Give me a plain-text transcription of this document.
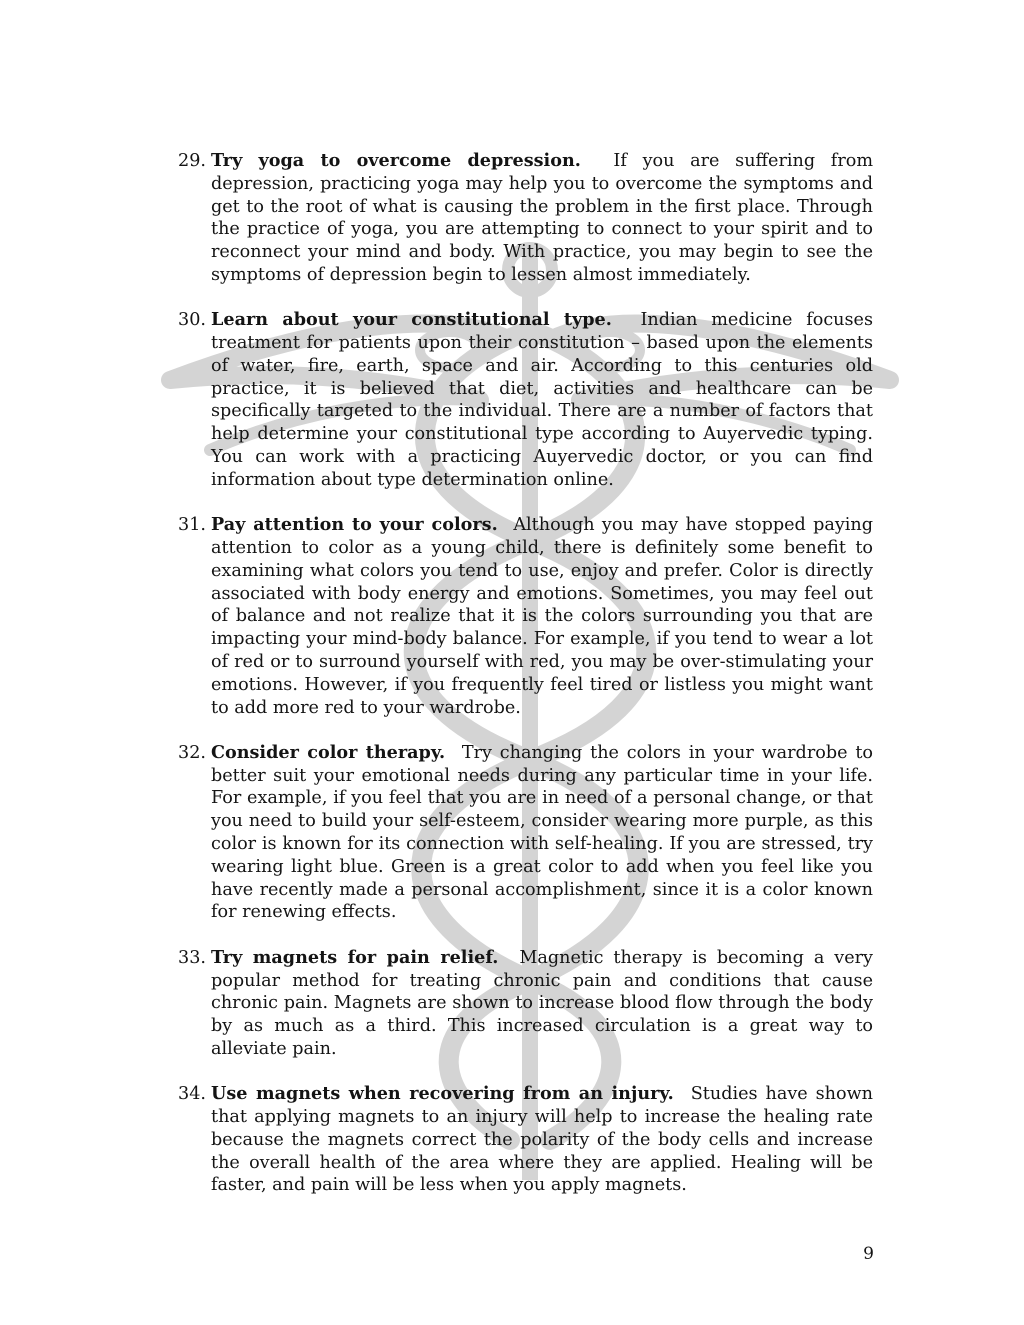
29. Try yoga to overcome depression.  If you are suffering from depression, practicing yoga may help you to overcome the symptoms and get to the root of what is causing the problem in the first place. Through the practice of yoga, you are attempting to connect to your spirit and to reconnect your mind and body. With practice, you may begin to see the symptoms of depression begin to lessen almost immediately.
30. Learn about your constitutional type.  Indian medicine focuses treatment for patients upon their constitution – based upon the elements of water, fire, earth, space and air. According to this centuries old practice, it is believed that diet, activities and healthcare can be specifically targeted to the individual. There are a number of factors that help determine your constitutional type according to Auyervedic typing. You can work with a practicing Auyervedic doctor, or you can find information about type determination online.
31. Pay attention to your colors.  Although you may have stopped paying attention to color as a young child, there is definitely some benefit to examining what colors you tend to use, enjoy and prefer. Color is directly associated with body energy and emotions. Sometimes, you may feel out of balance and not realize that it is the colors surrounding you that are impacting your mind-body balance. For example, if you tend to wear a lot of red or to surround yourself with red, you may be over-stimulating your emotions. However, if you frequently feel tired or listless you might want to add more red to your wardrobe.
32. Consider color therapy.  Try changing the colors in your wardrobe to better suit your emotional needs during any particular time in your life. For example, if you feel that you are in need of a personal change, or that you need to build your self-esteem, consider wearing more purple, as this color is known for its connection with self-healing. If you are stressed, try wearing light blue. Green is a great color to add when you feel like you have recently made a personal accomplishment, since it is a color known for renewing effects.
33. Try magnets for pain relief.  Magnetic therapy is becoming a very popular method for treating chronic pain and conditions that cause chronic pain. Magnets are shown to increase blood flow through the body by as much as a third. This increased circulation is a great way to alleviate pain.
34. Use magnets when recovering from an injury.  Studies have shown that applying magnets to an injury will help to increase the healing rate because the magnets correct the polarity of the body cells and increase the overall health of the area where they are applied. Healing will be faster, and pain will be less when you apply magnets.
9
